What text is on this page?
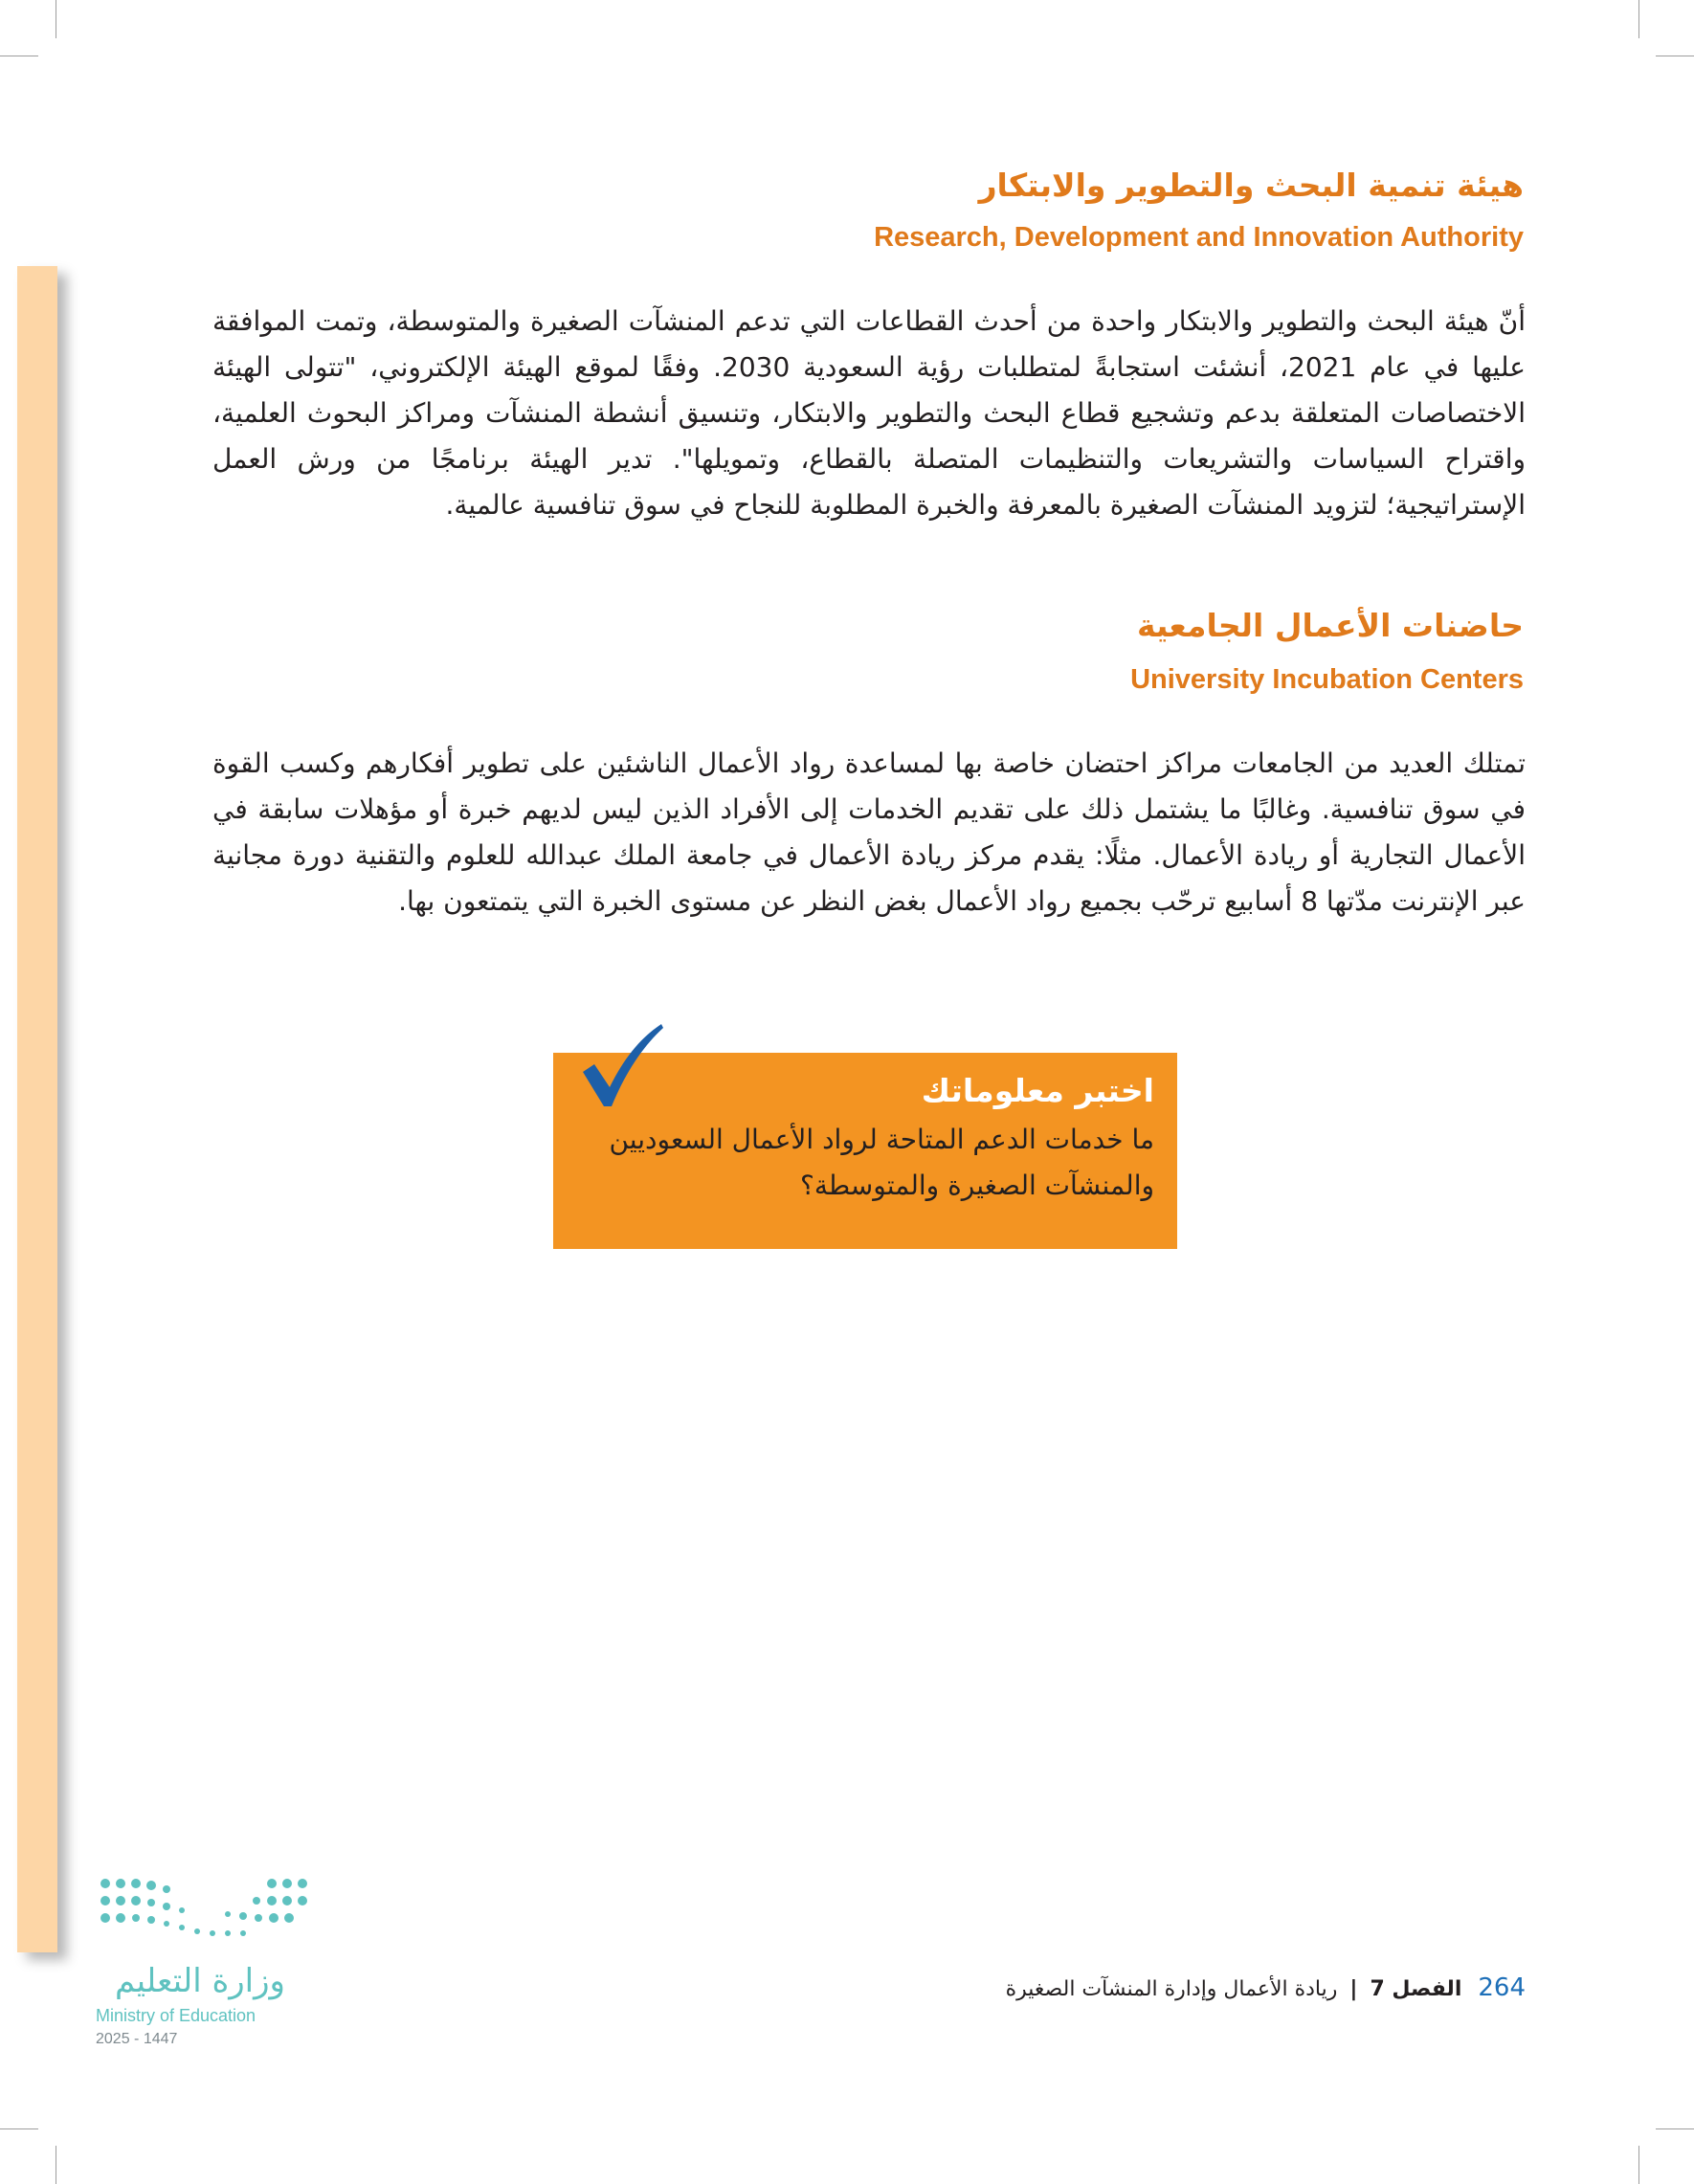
هيئة تنمية البحث والتطوير والابتكار
Research, Development and Innovation Authority

أنّ هيئة البحث والتطوير والابتكار واحدة من أحدث القطاعات التي تدعم المنشآت الصغيرة والمتوسطة، وتمت الموافقة عليها في عام 2021، أنشئت استجابةً لمتطلبات رؤية السعودية 2030. وفقًا لموقع الهيئة الإلكتروني، "تتولى الهيئة الاختصاصات المتعلقة بدعم وتشجيع قطاع البحث والتطوير والابتكار، وتنسيق أنشطة المنشآت ومراكز البحوث العلمية، واقتراح السياسات والتشريعات والتنظيمات المتصلة بالقطاع، وتمويلها". تدير الهيئة برنامجًا من ورش العمل الإستراتيجية؛ لتزويد المنشآت الصغيرة بالمعرفة والخبرة المطلوبة للنجاح في سوق تنافسية عالمية.

حاضنات الأعمال الجامعية
University Incubation Centers

تمتلك العديد من الجامعات مراكز احتضان خاصة بها لمساعدة رواد الأعمال الناشئين على تطوير أفكارهم وكسب القوة في سوق تنافسية. وغالبًا ما يشتمل ذلك على تقديم الخدمات إلى الأفراد الذين ليس لديهم خبرة أو مؤهلات سابقة في الأعمال التجارية أو ريادة الأعمال. مثلًا: يقدم مركز ريادة الأعمال في جامعة الملك عبدالله للعلوم والتقنية دورة مجانية عبر الإنترنت مدّتها 8 أسابيع ترحّب بجميع رواد الأعمال بغض النظر عن مستوى الخبرة التي يتمتعون بها.

اختبر معلوماتك
ما خدمات الدعم المتاحة لرواد الأعمال السعوديين
والمنشآت الصغيرة والمتوسطة؟
264 الفصل 7 | ريادة الأعمال وإدارة المنشآت الصغيرة
وزارة التعليم
Ministry of Education
2025 - 1447
